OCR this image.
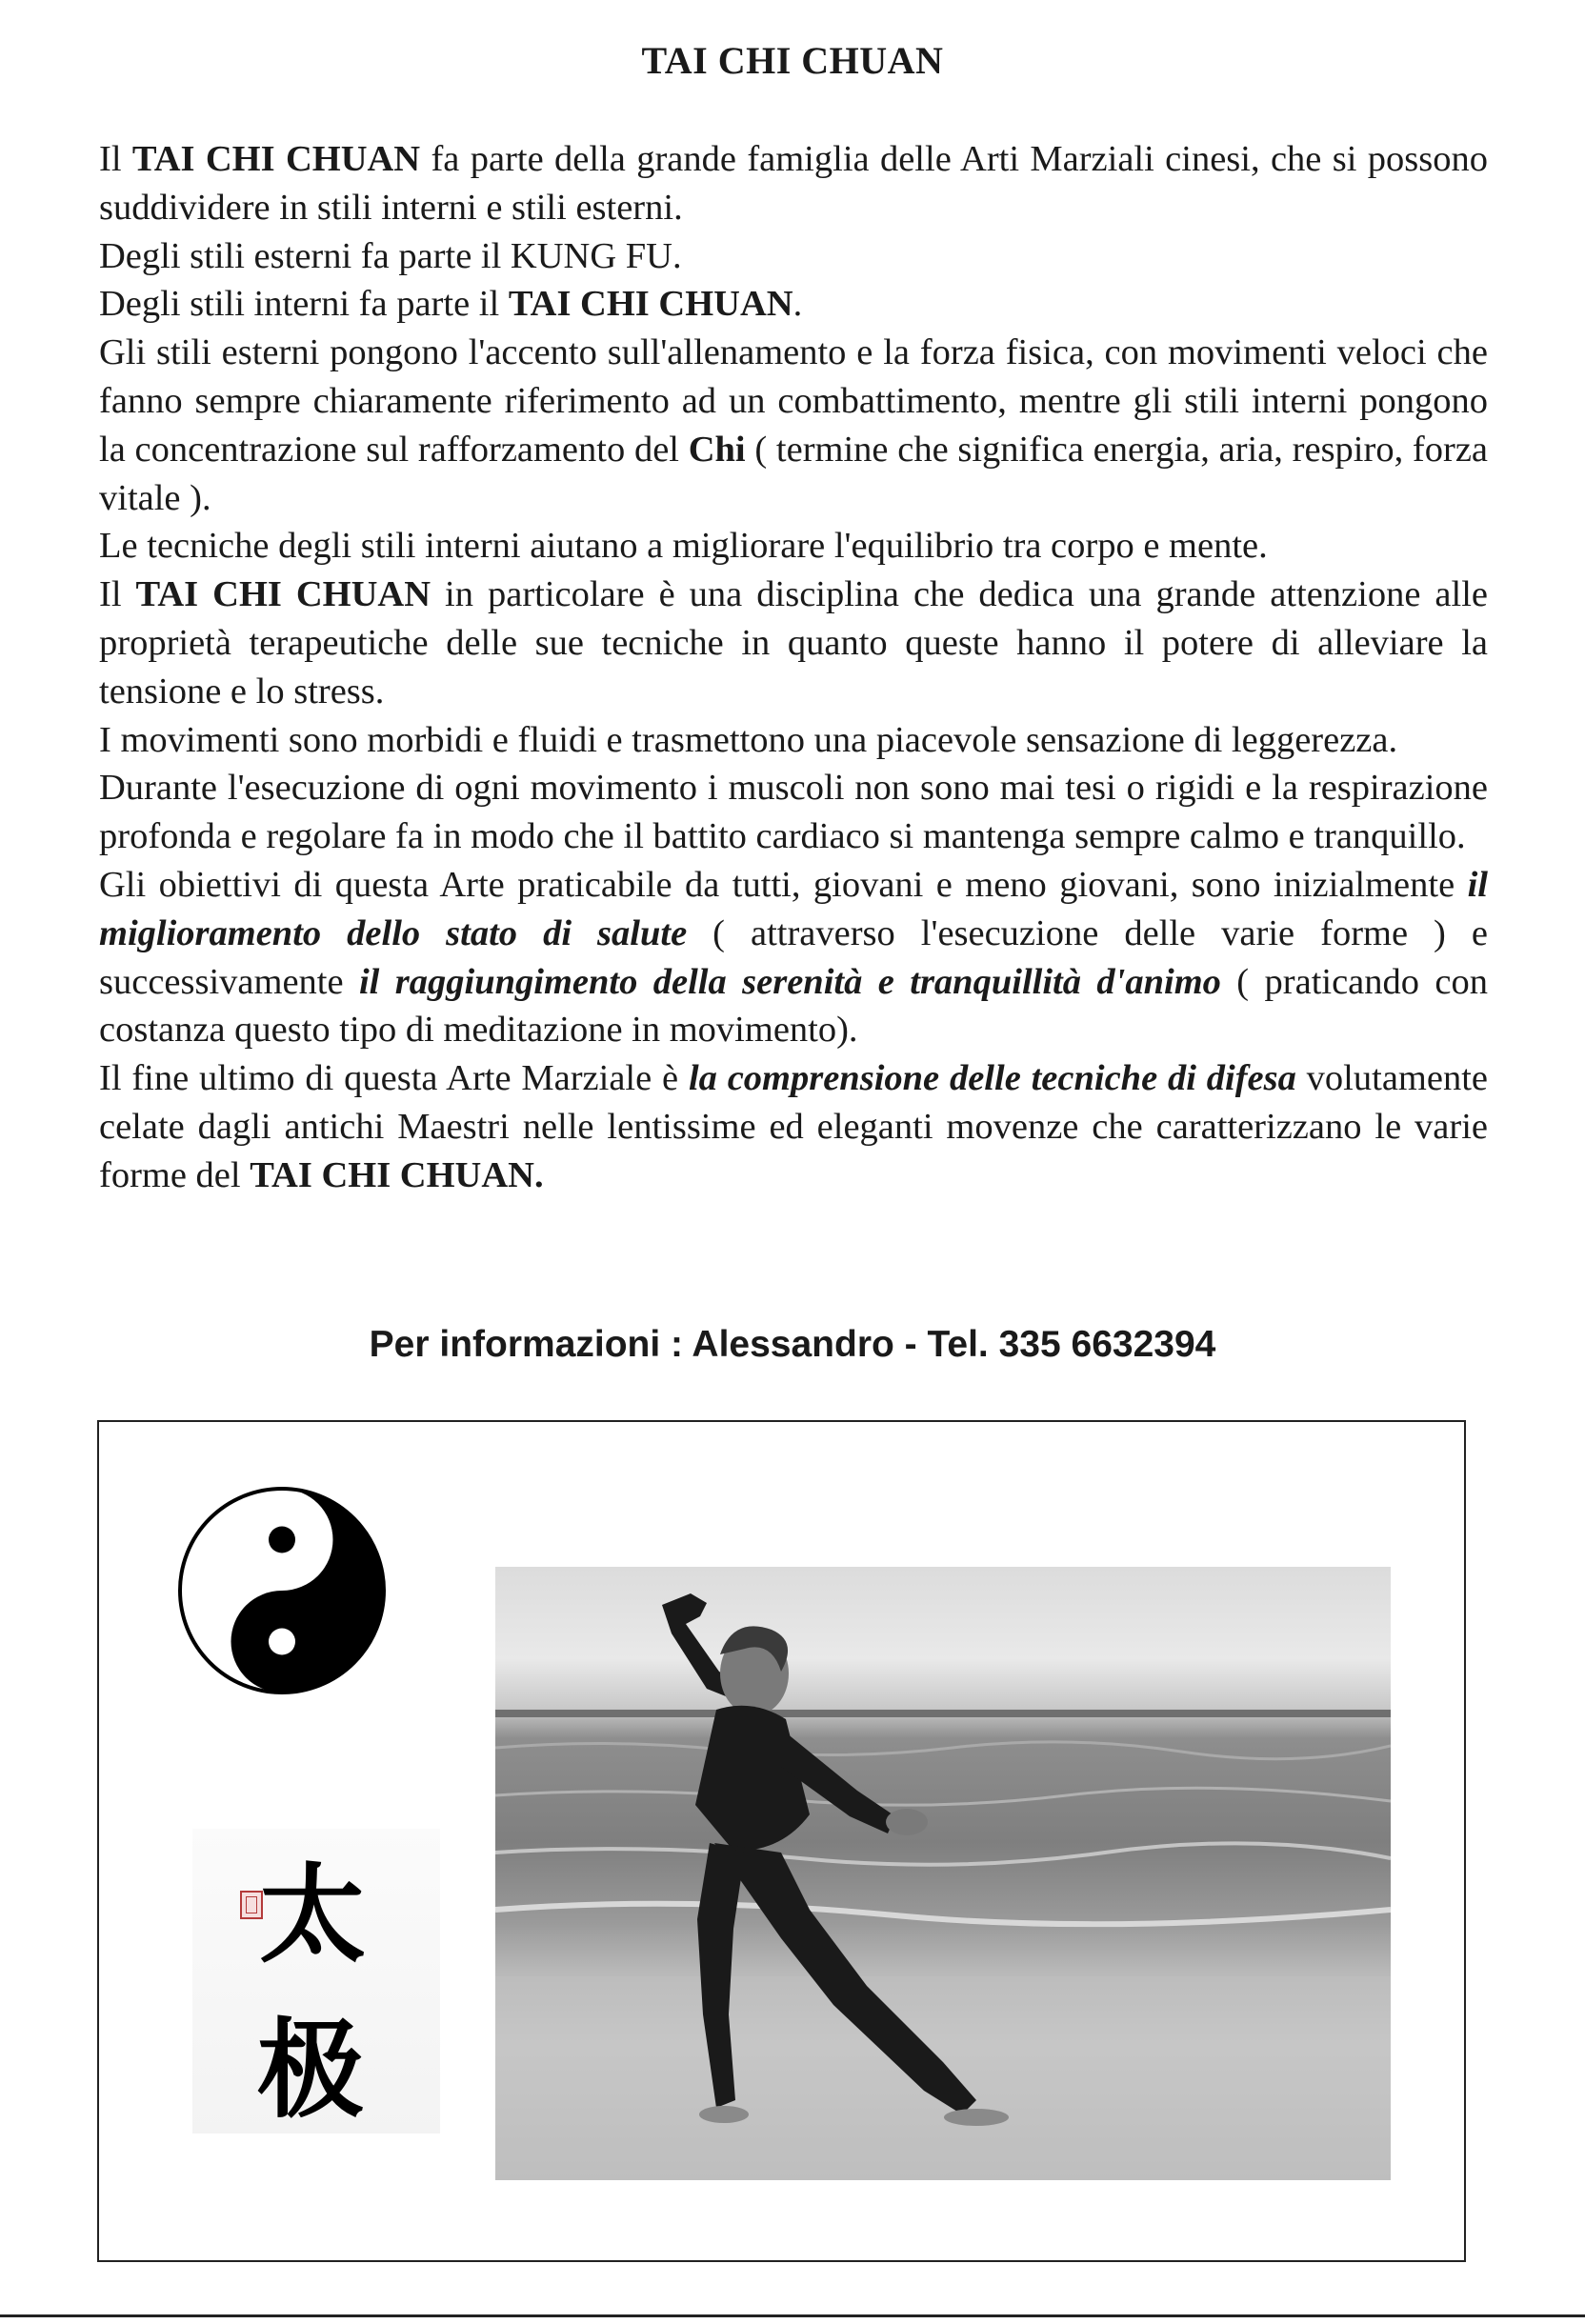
TAI CHI CHUAN

Il TAI CHI CHUAN fa parte della grande famiglia delle Arti Marziali cinesi, che si possono suddividere in stili interni e stili esterni.

Degli stili esterni fa parte il KUNG FU.

Degli stili interni fa parte il TAI CHI CHUAN.

Gli stili esterni pongono l'accento sull'allenamento e la forza fisica, con movimenti veloci che fanno sempre chiaramente riferimento ad un combattimento, mentre gli stili interni pongono la concentrazione sul rafforzamento del Chi ( termine che significa energia, aria, respiro, forza vitale ).

Le tecniche degli stili interni aiutano a migliorare l'equilibrio tra corpo e mente.

Il TAI CHI CHUAN in particolare è una disciplina che dedica una grande attenzione alle proprietà terapeutiche delle sue tecniche in quanto queste hanno il potere di alleviare la tensione e lo stress.

I movimenti sono morbidi e fluidi e trasmettono una piacevole sensazione di leggerezza.

Durante l'esecuzione di ogni movimento i muscoli non sono mai tesi o rigidi e la respirazione profonda e regolare fa in modo che il battito cardiaco si mantenga sempre calmo e tranquillo.

Gli obiettivi di questa Arte praticabile da tutti, giovani e meno giovani, sono inizialmente il miglioramento dello stato di salute ( attraverso l'esecuzione delle varie forme ) e successivamente il raggiungimento della serenità e tranquillità d'animo ( praticando con costanza questo tipo di meditazione in movimento).

Il fine ultimo di questa Arte Marziale è la comprensione delle tecniche di difesa volutamente celate dagli antichi Maestri nelle lentissime ed eleganti movenze che caratterizzano le varie forme del TAI CHI CHUAN.

Per informazioni : Alessandro - Tel. 335 6632394
太
极
